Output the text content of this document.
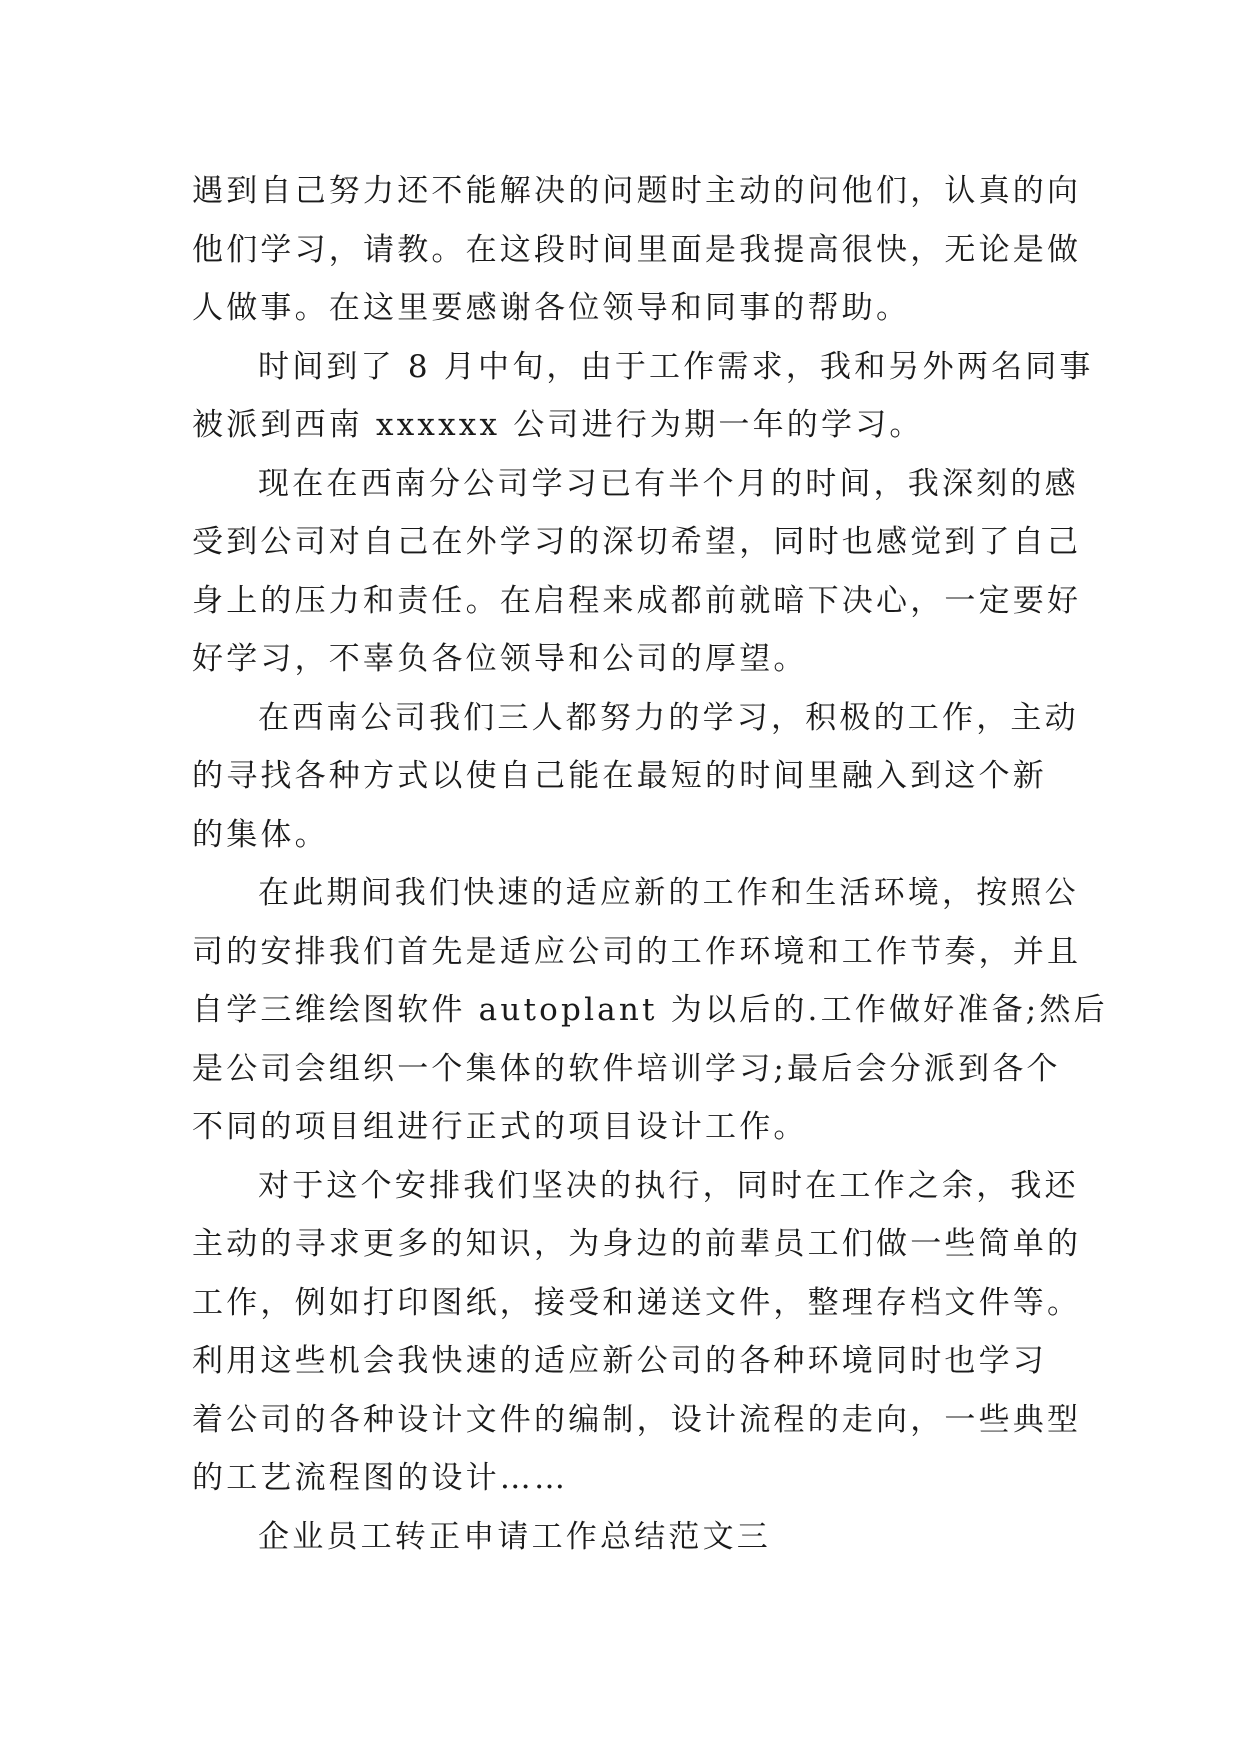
遇到自己努力还不能解决的问题时主动的问他们，认真的向
他们学习，请教。在这段时间里面是我提高很快，无论是做
人做事。在这里要感谢各位领导和同事的帮助。

时间到了 8 月中旬，由于工作需求，我和另外两名同事
被派到西南 xxxxxx 公司进行为期一年的学习。

现在在西南分公司学习已有半个月的时间，我深刻的感
受到公司对自己在外学习的深切希望，同时也感觉到了自己
身上的压力和责任。在启程来成都前就暗下决心，一定要好
好学习，不辜负各位领导和公司的厚望。

在西南公司我们三人都努力的学习，积极的工作，主动
的寻找各种方式以使自己能在最短的时间里融入到这个新
的集体。

在此期间我们快速的适应新的工作和生活环境，按照公
司的安排我们首先是适应公司的工作环境和工作节奏，并且
自学三维绘图软件 autoplant 为以后的.工作做好准备;然后
是公司会组织一个集体的软件培训学习;最后会分派到各个
不同的项目组进行正式的项目设计工作。

对于这个安排我们坚决的执行，同时在工作之余，我还
主动的寻求更多的知识，为身边的前辈员工们做一些简单的
工作，例如打印图纸，接受和递送文件，整理存档文件等。
利用这些机会我快速的适应新公司的各种环境同时也学习
着公司的各种设计文件的编制，设计流程的走向，一些典型
的工艺流程图的设计……

企业员工转正申请工作总结范文三
